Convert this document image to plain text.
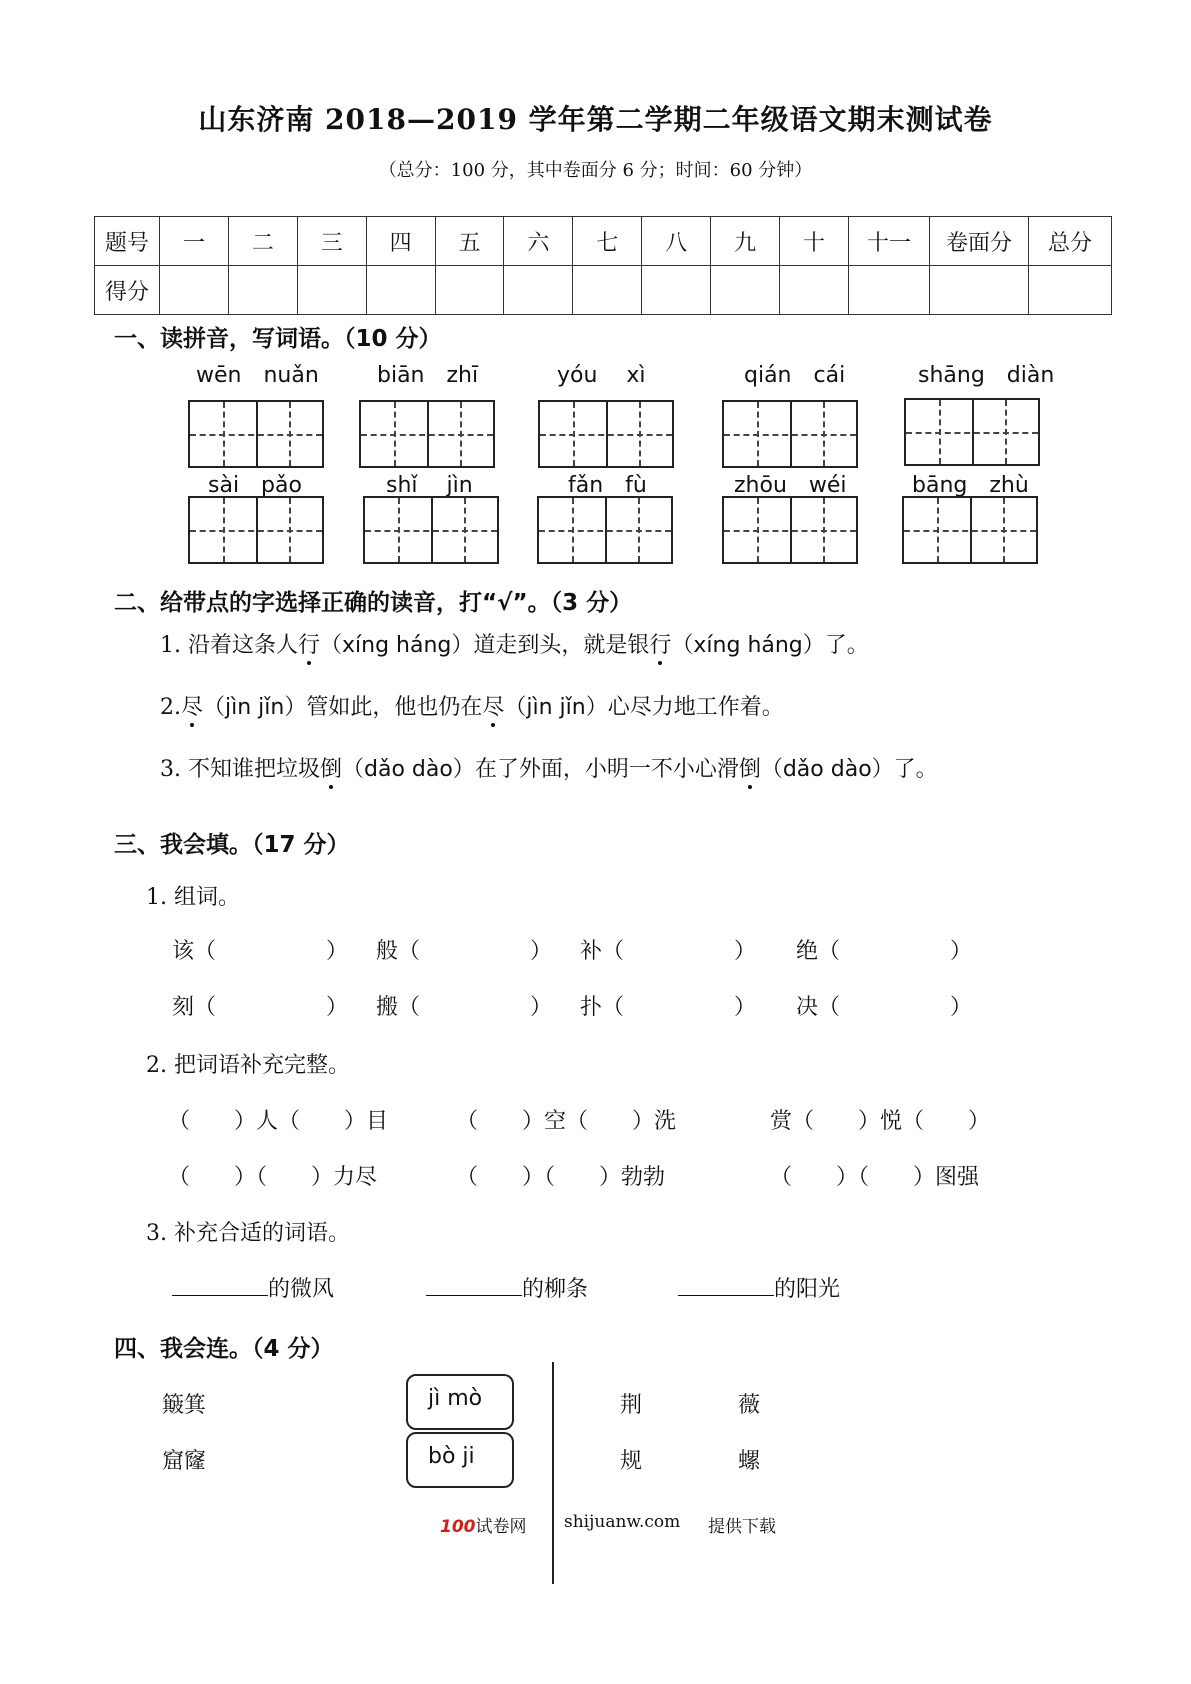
山东济南 2018—2019 学年第二学期二年级语文期末测试卷
（总分：100 分，其中卷面分 6 分；时间：60 分钟）
题号	一	二	三	四	五	六	七	八	九	十	十一	卷面分	总分
得分													
一、读拼音，写词语。（10 分）
wēn　nuǎn	biān　zhī	yóu　 xì	qián　cái	shāng　diàn
sài　pǎo	shǐ　 jìn	fǎn　fù	zhōu　wéi	bāng　zhù
二、给带点的字选择正确的读音，打“√”。（3 分）
1. 沿着这条人行（xíng háng）道走到头，就是银行（xíng háng）了。
2.尽（jìn jǐn）管如此，他也仍在尽（jìn jǐn）心尽力地工作着。
3. 不知谁把垃圾倒（dǎo dào）在了外面，小明一不小心滑倒（dǎo dào）了。
三、我会填。（17 分）
1. 组词。
该（　　　　　） 般（　　　　　） 补（　　　　　） 绝（　　　　　）
刻（　　　　　） 搬（　　　　　） 扑（　　　　　） 决（　　　　　）
2. 把词语补充完整。
（　　）人（　　）目	（　　）空（　　）洗	赏（　　）悦（　　）
（　　）（　　）力尽	（　　）（　　）勃勃	（　　）（　　）图强
3. 补充合适的词语。
的微风	的柳条	的阳光
四、我会连。（4 分）
簸箕
窟窿
jì mò
bò ji
荆
规
薇
螺
100试卷网 shijuanw.com 提供下载
